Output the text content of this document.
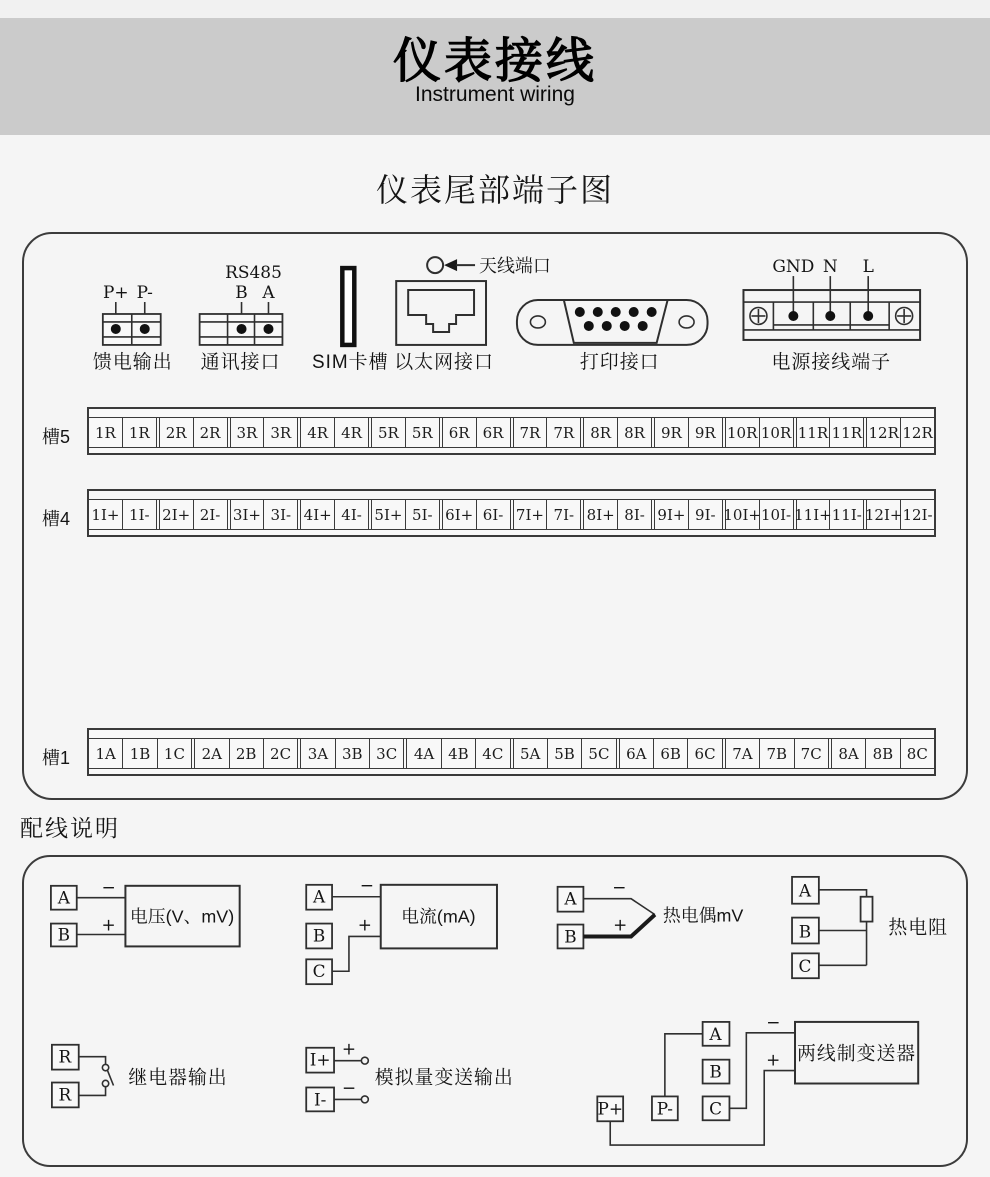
仪表接线
Instrument wiring
仪表尾部端子图
P+ P-
馈电输出
RS485
B A
通讯接口 SIM卡槽
天线端口
以太网接口	打印接口
GND N L
电源接线端子
槽5	1R 1R	2R 2R	3R 3R	4R 4R	5R 5R	6R 6R	7R 7R	8R 8R	9R 9R 10R 10R 11R 11R 12R 12R
槽4	1I+ 1I- 2I+ 2I- 3I+ 3I- 4I+ 4I- 5I+ 5I- 6I+ 6I- 7I+ 7I- 8I+ 8I- 9I+ 9I- 10I+ 10I- 11I+ 11I- 12I+ 12I-
槽1	1A 1B 1C	2A 2B 2C	3A 3B 3C	4A 4B 4C	5A 5B 5C	6A 6B 6C	7A 7B 7C	8A 8B 8C
配线说明
A
B
−
+ 电压(V、mV)
A
B
C
−
+ 电流(mA)
A
B
−
+ 热电偶mV
A
B
C
热电阻
R
R
继电器输出
I+
I-
+
− 模拟量变送输出
P+ P-
A
B
C
−
+ 两线制变送器
